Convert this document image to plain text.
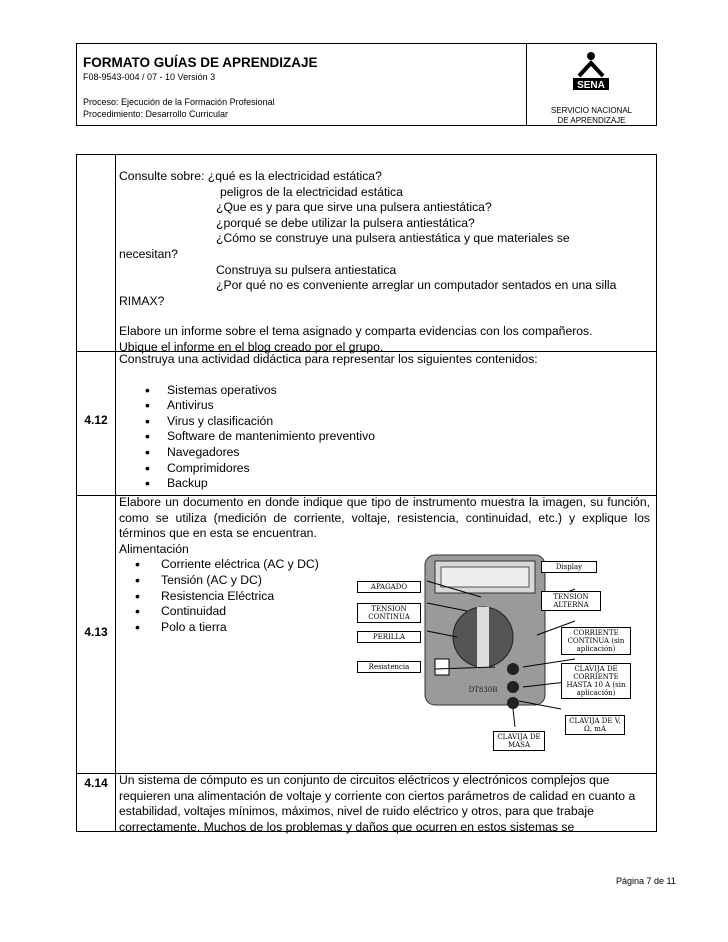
FORMATO GUÍAS DE APRENDIZAJE
F08-9543-004 / 07 - 10 Versión 3
Proceso: Ejecución de la Formación Profesional
Procedimiento: Desarrollo Curricular
SENA
SERVICIO NACIONAL
DE APRENDIZAJE

Consulte sobre: ¿qué es la electricidad estática?

peligros de la electricidad estática

¿Que es y para que sirve una pulsera antiestática?

¿porqué se debe utilizar la pulsera antiestática?

¿Cómo se construye una pulsera antiestática y que materiales se

necesitan?

Construya su pulsera antiestatica

¿Por qué no es conveniente arreglar un computador sentados en una silla

RIMAX?

Elabore un informe sobre el tema asignado y comparta evidencias con los compañeros.

Ubique el informe en el blog creado por el grupo.

4.12

Construya una actividad didáctica para representar los siguientes contenidos:

• Sistemas operativos
• Antivirus
• Virus y clasificación
• Software de mantenimiento preventivo
• Navegadores
• Comprimidores
• Backup
4.13

Elabore un documento en donde indique que tipo de instrumento muestra la imagen, su función, como se utiliza (medición de corriente, voltaje, resistencia, continuidad, etc.) y explique los términos que en esta se encuentran.

Alimentación

• Corriente eléctrica (AC y DC)
• Tensión (AC y DC)
• Resistencia Eléctrica
• Continuidad
• Polo a tierra
Display
APAGADO
TENSION CONTINUA
PERILLA
Resistencia
TENSION ALTERNA
CORRIENTE CONTINUA (sin aplicación)
CLAVIJA DE CORRIENTE HASTA 10 A (sin aplicación)
CLAVIJA DE V, Ω, mA
CLAVIJA DE MASA
DT830B
4.14 Un sistema de cómputo es un conjunto de circuitos eléctricos y electrónicos complejos que requieren una alimentación de voltaje y corriente con ciertos parámetros de calidad en cuanto a estabilidad, voltajes mínimos, máximos, nivel de ruido eléctrico y otros, para que trabaje correctamente. Muchos de los problemas y daños que ocurren en estos sistemas se

Página 7 de 11
